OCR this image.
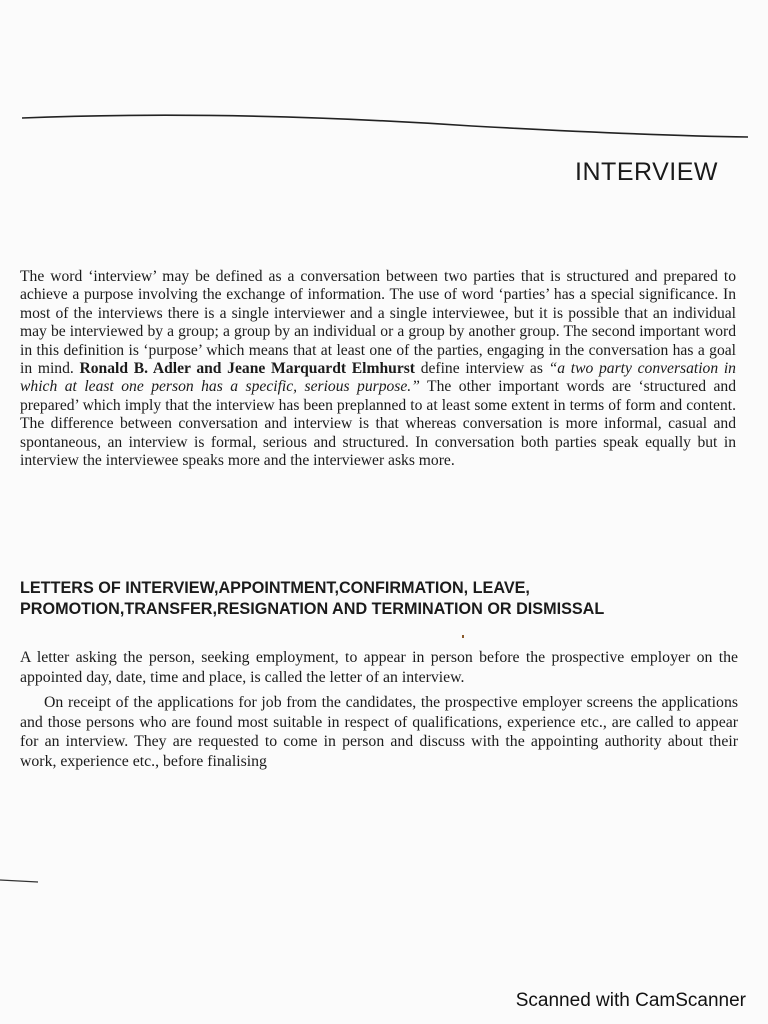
INTERVIEW

The word ‘interview’ may be defined as a conversation between two parties that is structured and prepared to achieve a purpose involving the exchange of information. The use of word ‘parties’ has a special significance. In most of the interviews there is a single interviewer and a single interviewee, but it is possible that an individual may be interviewed by a group; a group by an individual or a group by another group. The second important word in this definition is ‘purpose’ which means that at least one of the parties, engaging in the conversation has a goal in mind. Ronald B. Adler and Jeane Marquardt Elmhurst define interview as “a two party conversation in which at least one person has a specific, serious purpose.” The other important words are ‘structured and prepared’ which imply that the interview has been preplanned to at least some extent in terms of form and content. The difference between conversation and interview is that whereas conversation is more informal, casual and spontaneous, an interview is formal, serious and structured. In conversation both parties speak equally but in interview the interviewee speaks more and the interviewer asks more.

LETTERS OF INTERVIEW,APPOINTMENT,CONFIRMATION, LEAVE, PROMOTION,TRANSFER,RESIGNATION AND TERMINATION OR DISMISSAL

A letter asking the person, seeking employment, to appear in person before the prospective employer on the appointed day, date, time and place, is called the letter of an interview.

On receipt of the applications for job from the candidates, the prospective employer screens the applications and those persons who are found most suitable in respect of qualifications, experience etc., are called to appear for an interview. They are requested to come in person and discuss with the appointing authority about their work, experience etc., before finalising

Scanned with CamScanner
